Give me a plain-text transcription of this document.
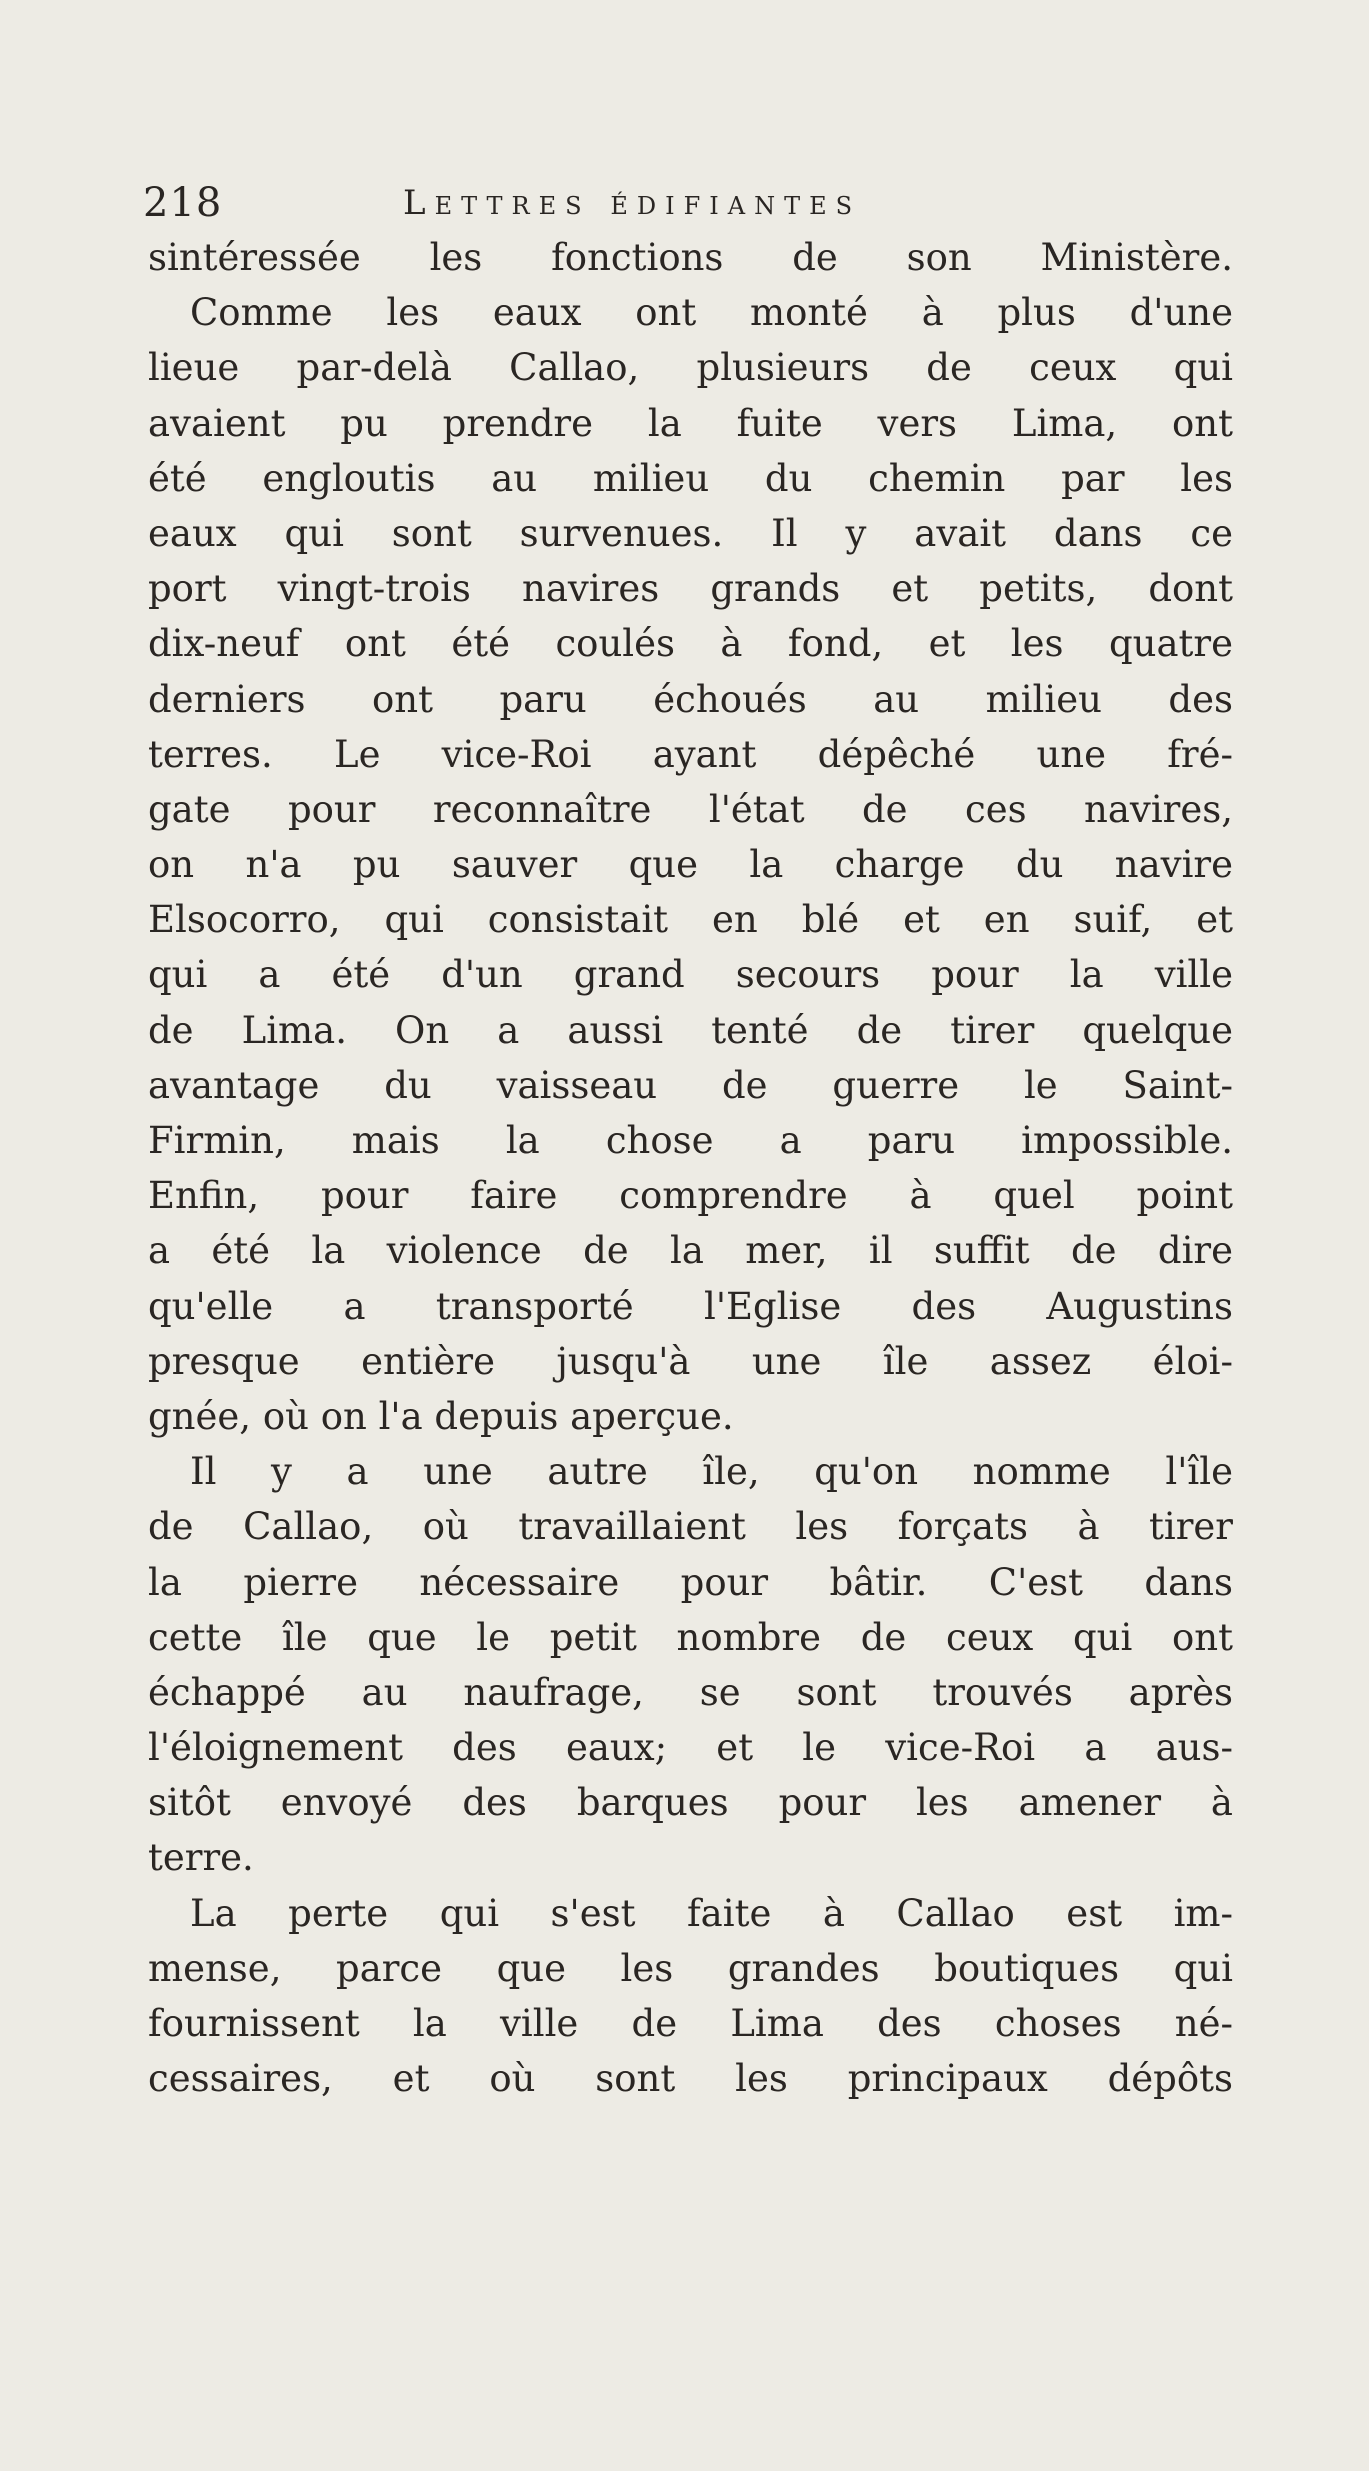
218	Lettres édifiantes
sintéressée les fonctions de son Ministère.
Comme les eaux ont monté à plus d'une
lieue par-delà Callao, plusieurs de ceux qui
avaient pu prendre la fuite vers Lima, ont
été engloutis au milieu du chemin par les
eaux qui sont survenues. Il y avait dans ce
port vingt-trois navires grands et petits, dont
dix-neuf ont été coulés à fond, et les quatre
derniers ont paru échoués au milieu des
terres. Le vice-Roi ayant dépêché une fré-
gate pour reconnaître l'état de ces navires,
on n'a pu sauver que la charge du navire
Elsocorro, qui consistait en blé et en suif, et
qui a été d'un grand secours pour la ville
de Lima. On a aussi tenté de tirer quelque
avantage du vaisseau de guerre le Saint-
Firmin, mais la chose a paru impossible.
Enfin, pour faire comprendre à quel point
a été la violence de la mer, il suffit de dire
qu'elle a transporté l'Eglise des Augustins
presque entière jusqu'à une île assez éloi-
gnée, où on l'a depuis aperçue.
Il y a une autre île, qu'on nomme l'île
de Callao, où travaillaient les forçats à tirer
la pierre nécessaire pour bâtir. C'est dans
cette île que le petit nombre de ceux qui ont
échappé au naufrage, se sont trouvés après
l'éloignement des eaux; et le vice-Roi a aus-
sitôt envoyé des barques pour les amener à
terre.
La perte qui s'est faite à Callao est im-
mense, parce que les grandes boutiques qui
fournissent la ville de Lima des choses né-
cessaires, et où sont les principaux dépôts
